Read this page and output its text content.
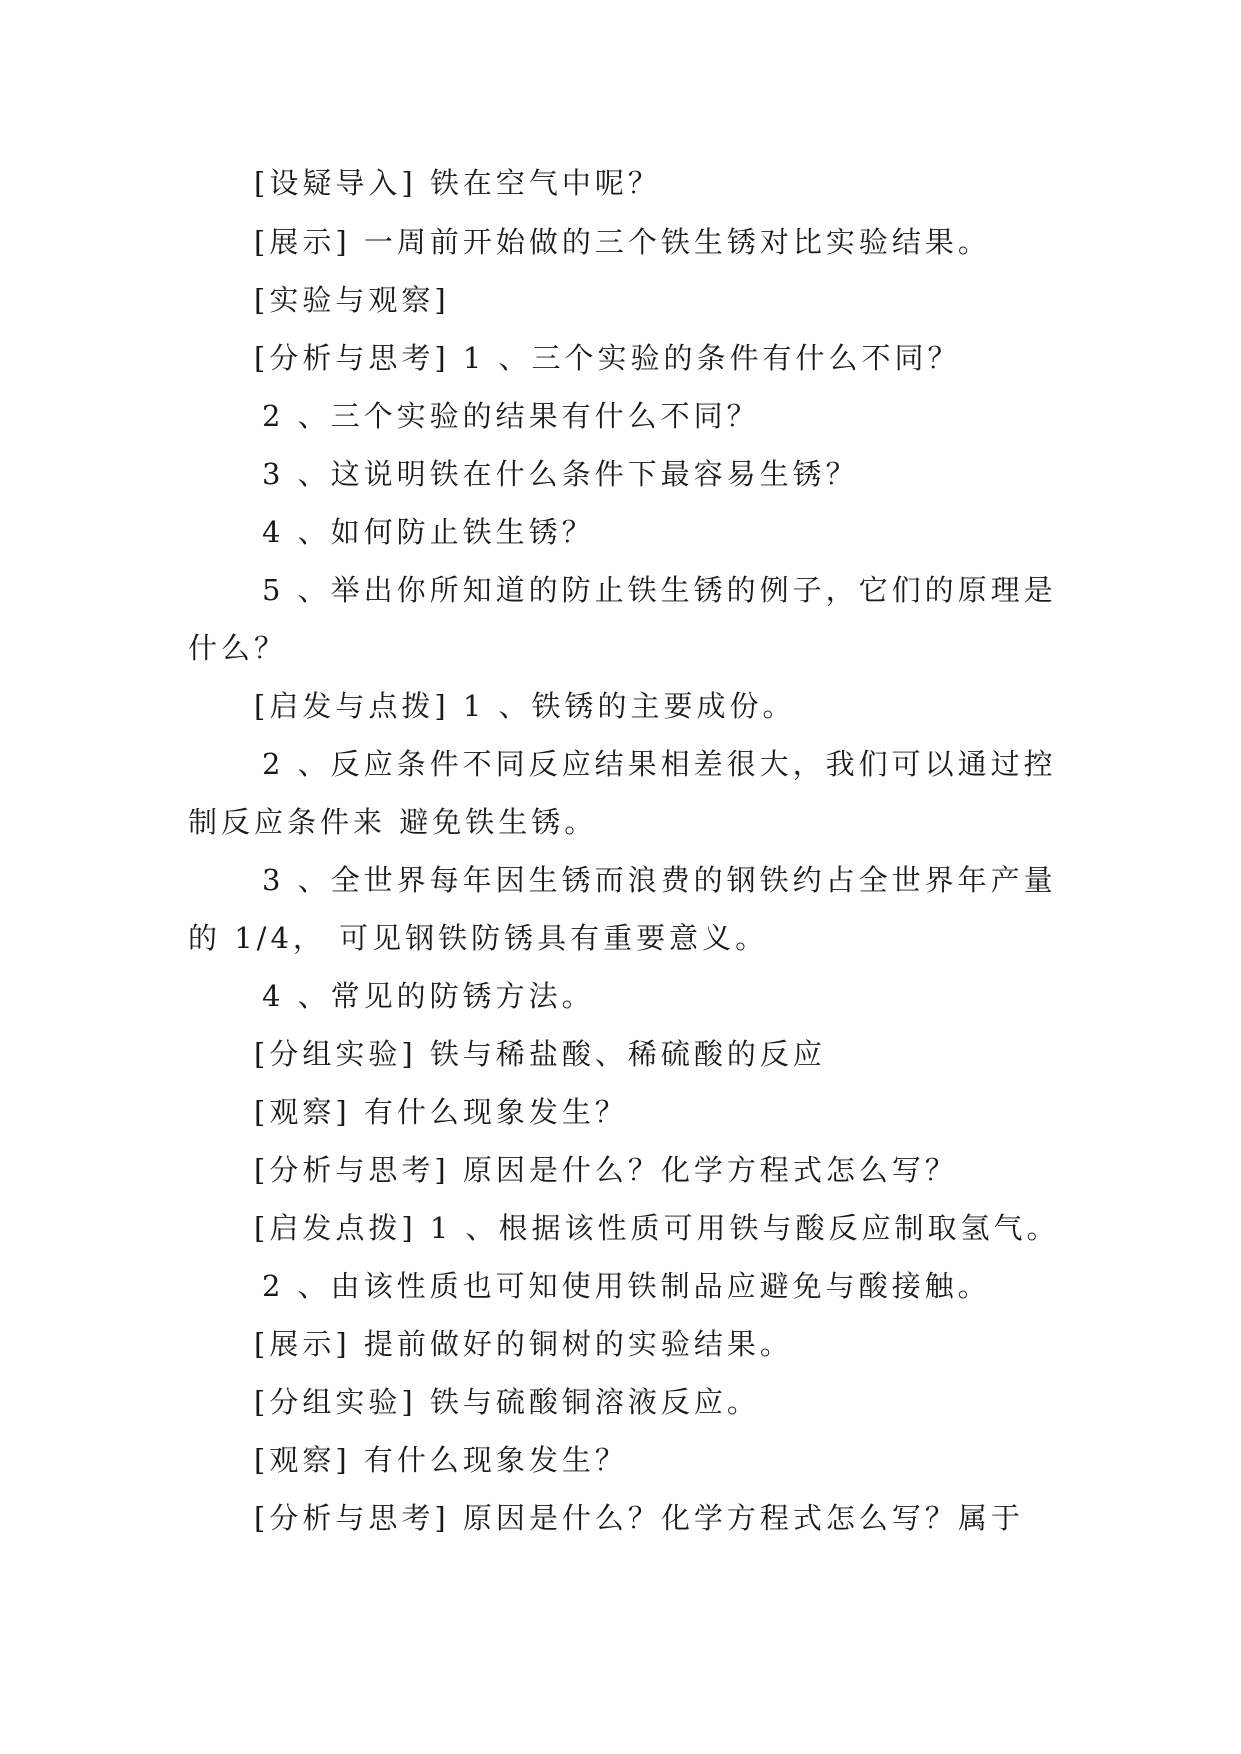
[设疑导入] 铁在空气中呢？
[展示] 一周前开始做的三个铁生锈对比实验结果。
[实验与观察]
[分析与思考] 1 、三个实验的条件有什么不同？
2 、三个实验的结果有什么不同？
3 、这说明铁在什么条件下最容易生锈？
4 、如何防止铁生锈？
5 、举出你所知道的防止铁生锈的例子，它们的原理是
什么？
[启发与点拨] 1 、铁锈的主要成份。
2 、反应条件不同反应结果相差很大，我们可以通过控
制反应条件来 避免铁生锈。
3 、全世界每年因生锈而浪费的钢铁约占全世界年产量
的 1/4， 可见钢铁防锈具有重要意义。
4 、常见的防锈方法。
[分组实验] 铁与稀盐酸、稀硫酸的反应
[观察] 有什么现象发生？
[分析与思考] 原因是什么？化学方程式怎么写？
[启发点拨] 1 、根据该性质可用铁与酸反应制取氢气。
2 、由该性质也可知使用铁制品应避免与酸接触。
[展示] 提前做好的铜树的实验结果。
[分组实验] 铁与硫酸铜溶液反应。
[观察] 有什么现象发生？
[分析与思考] 原因是什么？化学方程式怎么写？属于
